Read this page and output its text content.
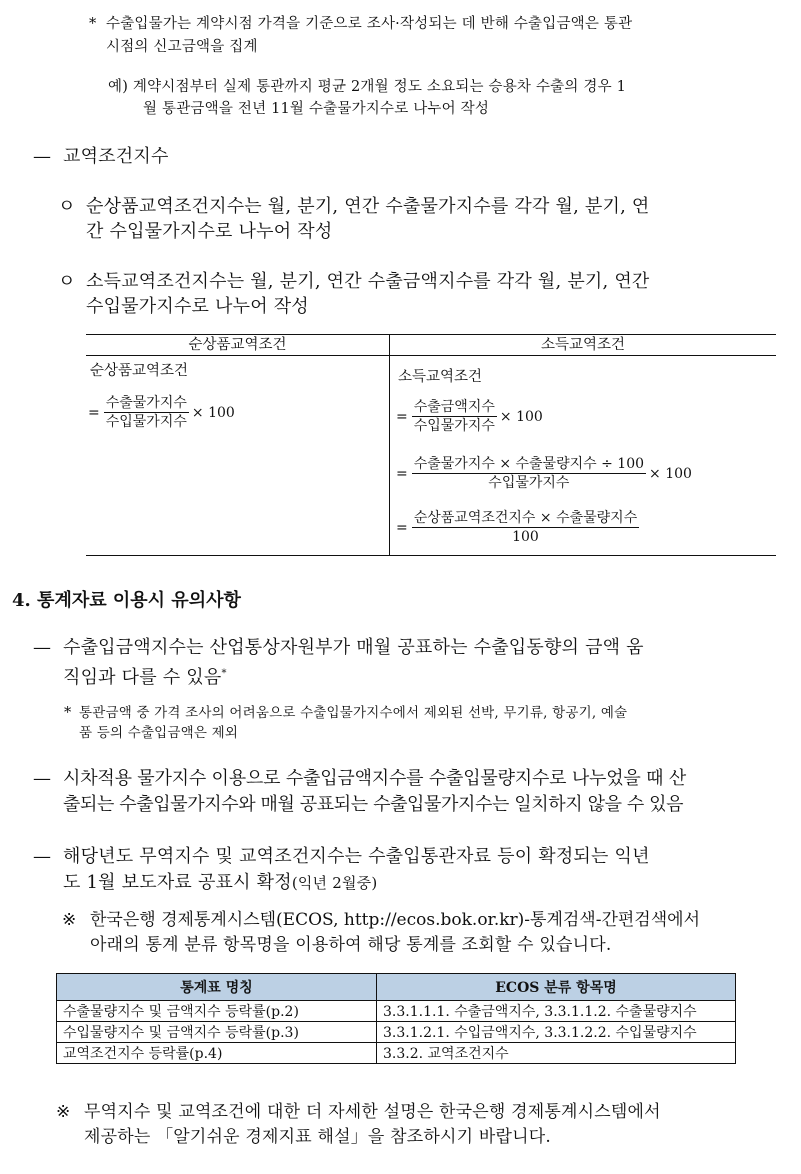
* 수출입물가는 계약시점 가격을 기준으로 조사·작성되는 데 반해 수출입금액은 통관
시점의 신고금액을 집계
예) 계약시점부터 실제 통관까지 평균 2개월 정도 소요되는 승용차 수출의 경우 1
월 통관금액을 전년 11월 수출물가지수로 나누어 작성
— 교역조건지수
ㅇ 순상품교역조건지수는 월, 분기, 연간 수출물가지수를 각각 월, 분기, 연
간 수입물가지수로 나누어 작성
ㅇ 소득교역조건지수는 월, 분기, 연간 수출금액지수를 각각 월, 분기, 연간
수입물가지수로 나누어 작성
순상품교역조건	소득교역조건
순상품교역조건
= $\frac{\text{수출물가지수}}{\text{수입물가지수}} \times 100$
소득교역조건
= $\frac{\text{수출금액지수}}{\text{수입물가지수}} \times 100$
= $\frac{\text{수출물가지수 × 수출물량지수 ÷ 100}}{\text{수입물가지수}} \times 100$
= $\frac{\text{순상품교역조건지수 × 수출물량지수}}{100}$
4. 통계자료 이용시 유의사항
— 수출입금액지수는 산업통상자원부가 매월 공표하는 수출입동향의 금액 움
직임과 다를 수 있음*
* 통관금액 중 가격 조사의 어려움으로 수출입물가지수에서 제외된 선박, 무기류, 항공기, 예술
품 등의 수출입금액은 제외
— 시차적용 물가지수 이용으로 수출입금액지수를 수출입물량지수로 나누었을 때 산
출되는 수출입물가지수와 매월 공표되는 수출입물가지수는 일치하지 않을 수 있음
— 해당년도 무역지수 및 교역조건지수는 수출입통관자료 등이 확정되는 익년
도 1월 보도자료 공표시 확정(익년 2월중)
※ 한국은행 경제통계시스템(ECOS, http://ecos.bok.or.kr)-통계검색-간편검색에서
아래의 통계 분류 항목명을 이용하여 해당 통계를 조회할 수 있습니다.
통계표 명칭	ECOS 분류 항목명
수출물량지수 및 금액지수 등락률(p.2)	3.3.1.1.1. 수출금액지수, 3.3.1.1.2. 수출물량지수
수입물량지수 및 금액지수 등락률(p.3)	3.3.1.2.1. 수입금액지수, 3.3.1.2.2. 수입물량지수
교역조건지수 등락률(p.4)	3.3.2. 교역조건지수
※ 무역지수 및 교역조건에 대한 더 자세한 설명은 한국은행 경제통계시스템에서
제공하는 「알기쉬운 경제지표 해설」을 참조하시기 바랍니다.
